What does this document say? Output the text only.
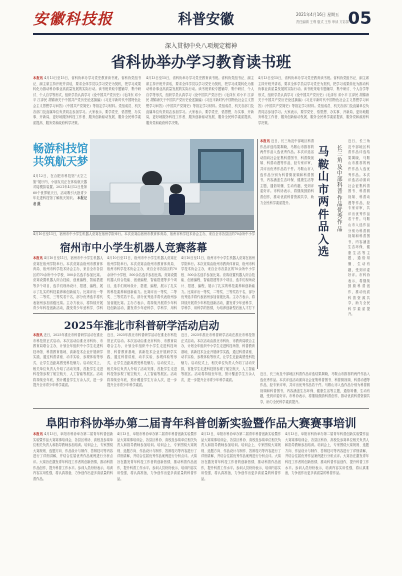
安徽科技报	科普安徽	2021年4月16日 星期五
责任编辑 王利 版式 王彤 审读 方彩屏 05
深入贯彻中央八项规定精神
省科协举办学习教育读书班
本报讯 4月13日至15日，省科协举办学习党史教育读书班。省科协党组书记、副主席主持开班并讲话，要求全体学员以学习党史为契机，把学习成果转化为推动科协事业高质量发展的实际行动。读书班采取专题辅导、集中研讨、个人自学等形式，组织学员认真学习《论中国共产党历史》《毛泽东 邓小平 江泽民 胡锦涛关于中国共产党历史论述摘编》《习近平新时代中国特色社会主义思想学习问答》《中国共产党简史》等指定学习材料。党组成员、机关各部门及直属单位负责同志参加学习。大家表示，要学党史、悟思想、办实事、开新局，更好地服务科技工作者、服务创新驱动发展、服务全民科学素质提高、服务党和政府科学决策。
4月13日至15日，省科协举办学习党史教育读书班。省科协党组书记、副主席主持开班并讲话，要求全体学员以学习党史为契机，把学习成果转化为推动科协事业高质量发展的实际行动。读书班采取专题辅导、集中研讨、个人自学等形式，组织学员认真学习《论中国共产党历史》《毛泽东 邓小平 江泽民 胡锦涛关于中国共产党历史论述摘编》《习近平新时代中国特色社会主义思想学习问答》《中国共产党简史》等指定学习材料。党组成员、机关各部门及直属单位负责同志参加学习。大家表示，要学党史、悟思想、办实事、开新局，更好地服务科技工作者、服务创新驱动发展、服务全民科学素质提高、服务党和政府科学决策。
4月13日至15日，省科协举办学习党史教育读书班。省科协党组书记、副主席主持开班并讲话，要求全体学员以学习党史为契机，把学习成果转化为推动科协事业高质量发展的实际行动。读书班采取专题辅导、集中研讨、个人自学等形式，组织学员认真学习《论中国共产党历史》《毛泽东 邓小平 江泽民 胡锦涛关于中国共产党历史论述摘编》《习近平新时代中国特色社会主义思想学习问答》《中国共产党简史》等指定学习材料。党组成员、机关各部门及直属单位负责同志参加学习。大家表示，要学党史、悟思想、办实事、开新局，更好地服务科技工作者、服务创新驱动发展、服务全民科学素质提高、服务党和政府科学决策。
畅游科技馆
共筑航天梦
4月12日，在合肥市科技馆"太空之旅"展厅内，小朋友们正在体验航天器对接模拟装置。2021年4月12日是第60个世界航天日，活动吸引大批青少年走进科技馆了解航天知识。 本报记者 摄
本报讯 近日，长三角及中部地区科普作品评选结果揭晓，马鞍山市推荐的两件作品入选优秀作品。本次评选活动面向社会征集科普图书、科普微视频、科普动漫等作品，经专家评审，共评出优秀作品若干件。马鞍山市入选作品分别为科普微视频和科普图书，内容涵盖生态环保、健康生活等主题，通俗易懂、生动有趣，受到评委好评。市科协表示，将继续鼓励科普创作，推动优质科普资源共享，助力全民科学素质提升。
马鞍山市两件品入选
长三角及中部科普作品优秀作品
近日，长三角及中部地区科普作品评选结果揭晓，马鞍山市推荐的两件作品入选优秀作品。本次评选活动面向社会征集科普图书、科普微视频、科普动漫等作品，经专家评审，共评出优秀作品若干件。马鞍山市入选作品分别为科普微视频和科普图书，内容涵盖生态环保、健康生活等主题，通俗易懂、生动有趣，受到评委好评。市科协表示，将继续鼓励科普创作，推动优质科普资源共享，助力全民科学素质提升。
4月10日至11日，宿州市中小学生机器人竞赛在宿州学院举行。本次竞赛由宿州市教育体育局、宿州市科学技术协会主办，来自全市各县区的70余所中小学
宿州市中小学生机器人竞赛落幕
本报讯 4月10日至11日，宿州市中小学生机器人竞赛在宿州学院举行。本次竞赛由宿州市教育体育局、宿州市科学技术协会主办，来自全市各县区的70余所中小学校、500余名选手参加比赛。竞赛设置机器人综合技能、创意编程、智能搭建等多个项目，选手们现场设计、搭建、编程，展示了扎实的科技素养和创新能力。比赛评出一等奖、二等奖、三等奖若干名，部分优秀选手将代表宿州参加省级比赛。主办方表示，将持续开展青少年科技创新活动，激发青少年爱科学、学科
4月10日至11日，宿州市中小学生机器人竞赛在宿州学院举行。本次竞赛由宿州市教育体育局、宿州市科学技术协会主办，来自全市各县区的70余所中小学校、500余名选手参加比赛。竞赛设置机器人综合技能、创意编程、智能搭建等多个项目，选手们现场设计、搭建、编程，展示了扎实的科技素养和创新能力。比赛评出一等奖、二等奖、三等奖若干名，部分优秀选手将代表宿州参加省级比赛。主办方表示，将持续开展青少年科技创新活动，激发青少年爱科学、学科学、用科
4月10日至11日，宿州市中小学生机器人竞赛在宿州学院举行。本次竞赛由宿州市教育体育局、宿州市科学技术协会主办，来自全市各县区的70余所中小学校、500余名选手参加比赛。竞赛设置机器人综合技能、创意编程、智能搭建等多个项目，选手们现场设计、搭建、编程，展示了扎实的科技素养和创新能力。比赛评出一等奖、二等奖、三等奖若干名，部分优秀选手将代表宿州参加省级比赛。主办方表示，将持续开展青少年科技创新活动，激发青少年爱科学、学科学、用科学的热情，为培养创新型后备人才打下
2025年淮北市科普研学活动启动
本报讯 近日，2025年淮北市科普研学活动在淮北市科技馆正式启动。本次活动由淮北市科协、市教育局联合主办，计划全年组织中小学生走进科技场馆、科普教育基地、高新技术企业开展研学实践，通过科普讲座、动手实验、参观体验等形式，让学生近距离感受科技魅力。启动仪式上，相关单位负责人介绍了活动安排，首批学生走进科技馆参观了航空航天、人工智能等展区。活动将持续至年底，预计覆盖学生万余人次，进一步提升全市青少年科学素质。
近日，2025年淮北市科普研学活动在淮北市科技馆正式启动。本次活动由淮北市科协、市教育局联合主办，计划全年组织中小学生走进科技场馆、科普教育基地、高新技术企业开展研学实践，通过科普讲座、动手实验、参观体验等形式，让学生近距离感受科技魅力。启动仪式上，相关单位负责人介绍了活动安排，首批学生走进科技馆参观了航空航天、人工智能等展区。活动将持续至年底，预计覆盖学生万余人次，进一步提升全市青少年科学素质。
近日，2025年淮北市科普研学活动在淮北市科技馆正式启动。本次活动由淮北市科协、市教育局联合主办，计划全年组织中小学生走进科技场馆、科普教育基地、高新技术企业开展研学实践，通过科普讲座、动手实验、参观体验等形式，让学生近距离感受科技魅力。启动仪式上，相关单位负责人介绍了活动安排，首批学生走进科技馆参观了航空航天、人工智能等展区。活动将持续至年底，预计覆盖学生万余人次，进一步提升全市青少年科学素质。
近日，长三角及中部地区科普作品评选结果揭晓，马鞍山市推荐的两件作品入选优秀作品。本次评选活动面向社会征集科普图书、科普微视频、科普动漫等作品，经专家评审，共评出优秀作品若干件。马鞍山市入选作品分别为科普微视频和科普图书，内容涵盖生态环保、健康生活等主题，通俗易懂、生动有趣，受到评委好评。市科协表示，将继续鼓励科普创作，推动优质科普资源共享，助力全民科学素质提升。
阜阳市科协举办第二届青年科普创新实验暨作品大赛赛事培训
本报讯 4月13日，阜阳市科协举办第二届青年科普创新实验暨作品大赛赛事培训会，各县区科协、高校及参赛单位相关负责人和指导教师参加培训。培训会上，专家围绕大赛规则、选题方向、作品设计与制作、答辩技巧等内容进行了详细讲解，并结合往届优秀作品案例进行分析点评。大赛旨在激发青年科技工作者的创新热情，推动科普作品创作，提升科普工作水平。参训人员纷纷表示，培训内容实用性强，将认真准备，力争创作出更多高质量的科普作品。
4月13日，阜阳市科协举办第二届青年科普创新实验暨作品大赛赛事培训会，各县区科协、高校及参赛单位相关负责人和指导教师参加培训。培训会上，专家围绕大赛规则、选题方向、作品设计与制作、答辩技巧等内容进行了详细讲解，并结合往届优秀作品案例进行分析点评。大赛旨在激发青年科技工作者的创新热情，推动科普作品创作，提升科普工作水平。参训人员纷纷表示，培训内容实用性强，将认真准备，力争创作出更多高质量的科普作品。
4月13日，阜阳市科协举办第二届青年科普创新实验暨作品大赛赛事培训会，各县区科协、高校及参赛单位相关负责人和指导教师参加培训。培训会上，专家围绕大赛规则、选题方向、作品设计与制作、答辩技巧等内容进行了详细讲解，并结合往届优秀作品案例进行分析点评。大赛旨在激发青年科技工作者的创新热情，推动科普作品创作，提升科普工作水平。参训人员纷纷表示，培训内容实用性强，将认真准备，力争创作出更多高质量的科普作品。
4月13日，阜阳市科协举办第二届青年科普创新实验暨作品大赛赛事培训会，各县区科协、高校及参赛单位相关负责人和指导教师参加培训。培训会上，专家围绕大赛规则、选题方向、作品设计与制作、答辩技巧等内容进行了详细讲解，并结合往届优秀作品案例进行分析点评。大赛旨在激发青年科技工作者的创新热情，推动科普作品创作，提升科普工作水平。参训人员纷纷表示，培训内容实用性强，将认真准备，力争创作出更多高质量的科普作品。
